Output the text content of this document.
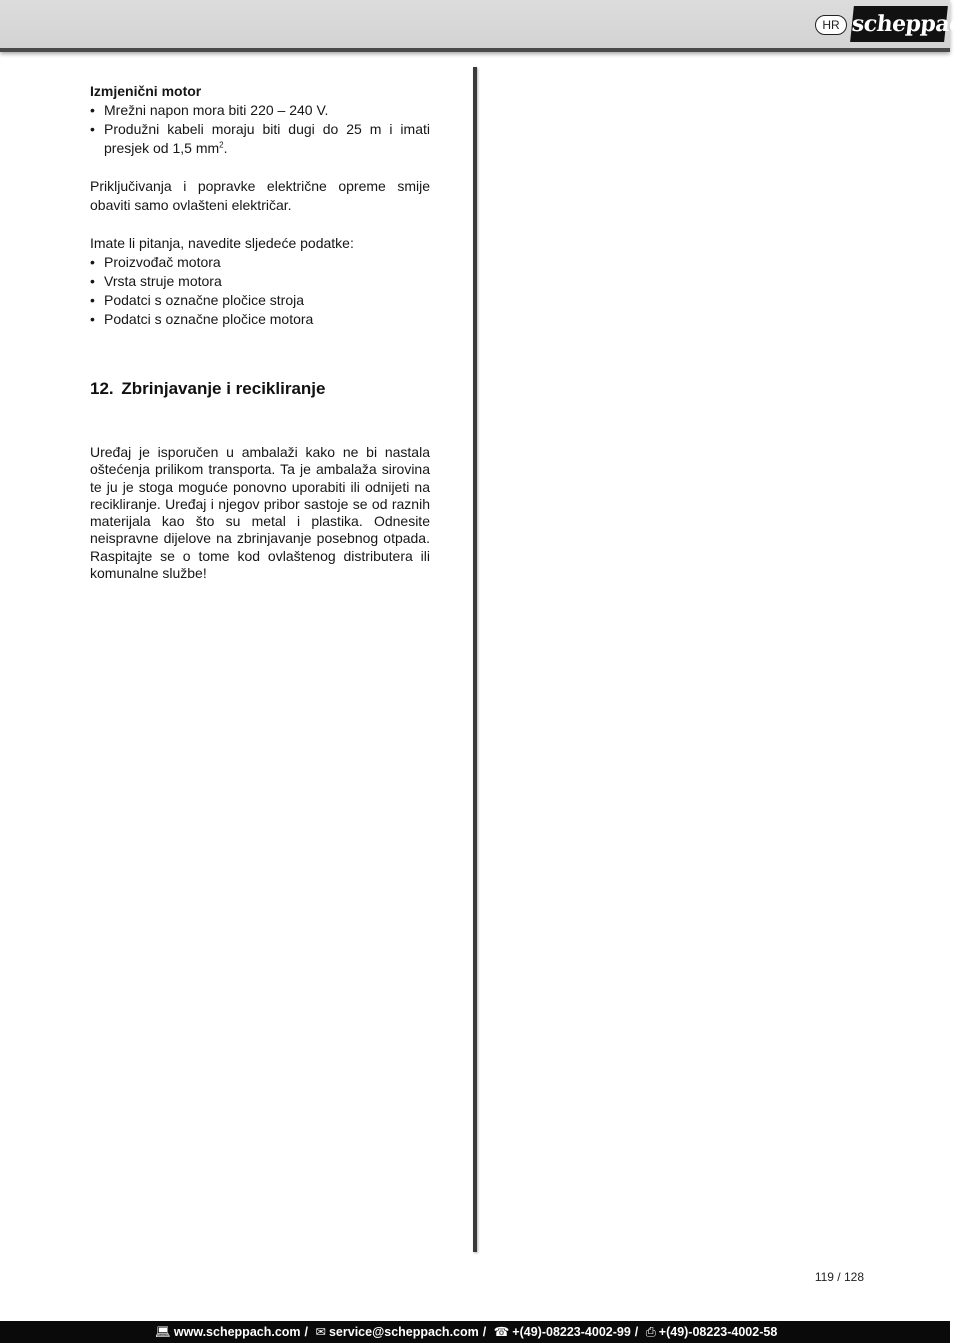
HR scheppach

Izmjenični motor

• Mrežni napon mora biti 220 – 240 V.
• Produžni kabeli moraju biti dugi do 25 m i imati presjek od 1,5 $mm^2$.

Priključivanja i popravke električne opreme smije obaviti samo ovlašteni električar.

Imate li pitanja, navedite sljedeće podatke:

• Proizvođač motora
• Vrsta struje motora
• Podatci s označne pločice stroja
• Podatci s označne pločice motora
12. Zbrinjavanje i recikliranje

Uređaj je isporučen u ambalaži kako ne bi nastala oštećenja prilikom transporta. Ta je ambalaža sirovina te ju je stoga moguće ponovno uporabiti ili odnijeti na recikliranje. Uređaj i njegov pribor sastoje se od raznih materijala kao što su metal i plastika. Odnesite neispravne dijelove na zbrinjavanje posebnog otpada. Raspitajte se o tome kod ovlaštenog distributera ili komunalne službe!

119 / 128
💻︎ www.scheppach.com / ✉︎ service@scheppach.com / ☎︎ +(49)-08223-4002-99 / ⎙ +(49)-08223-4002-58
